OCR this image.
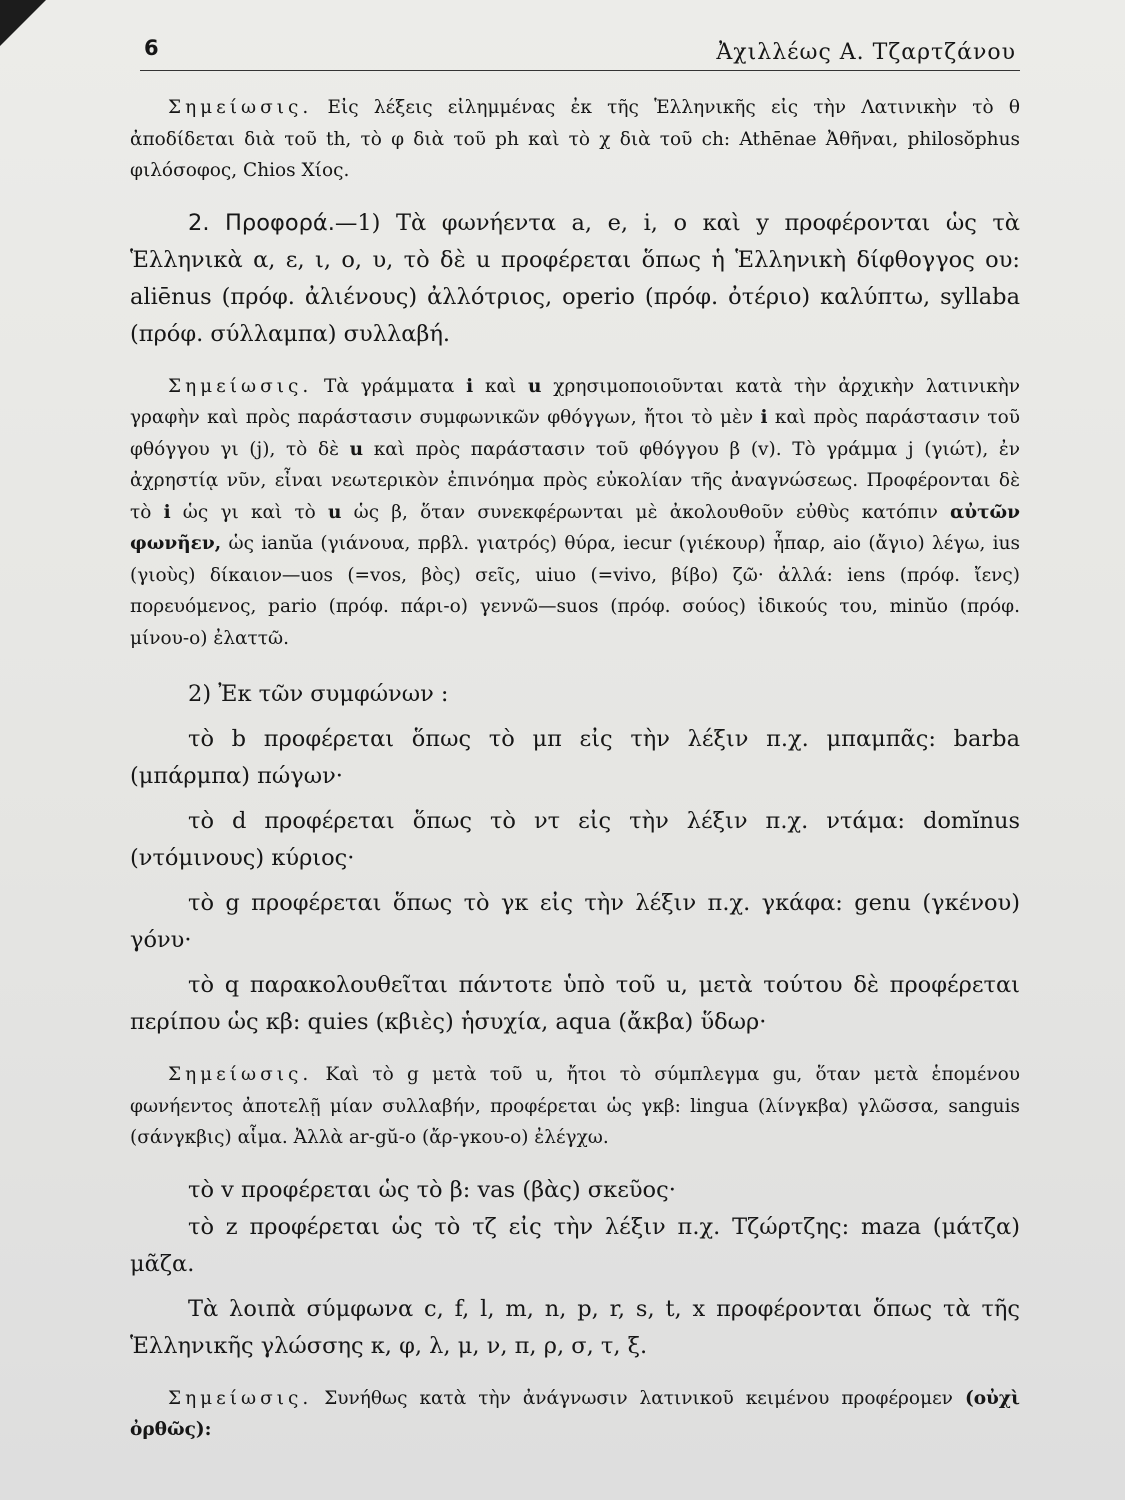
6	Ἀχιλλέως Α. Τζαρτζάνου

Σημείωσις. Εἰς λέξεις εἰλημμένας ἐκ τῆς Ἑλληνικῆς εἰς τὴν Λατινικὴν τὸ θ ἀποδίδεται διὰ τοῦ th, τὸ φ διὰ τοῦ ph καὶ τὸ χ διὰ τοῦ ch: Athēnae Ἀθῆναι, philosŏphus φιλόσοφος, Chios Χίος.

2. Προφορά.—1) Τὰ φωνήεντα a, e, i, o καὶ y προφέρονται ὡς τὰ Ἑλληνικὰ α, ε, ι, ο, υ, τὸ δὲ u προφέρεται ὅπως ἡ Ἑλληνικὴ δίφθογγος ου: aliēnus (πρόφ. ἀλιένους) ἀλλότριος, operio (πρόφ. ὀτέριο) καλύπτω, syllaba (πρόφ. σύλλαμπα) συλλαβή.

Σημείωσις. Τὰ γράμματα i καὶ u χρησιμοποιοῦνται κατὰ τὴν ἀρχικὴν λατινικὴν γραφὴν καὶ πρὸς παράστασιν συμφωνικῶν φθόγγων, ἤτοι τὸ μὲν i καὶ πρὸς παράστασιν τοῦ φθόγγου γι (j), τὸ δὲ u καὶ πρὸς παράστασιν τοῦ φθόγγου β (v). Τὸ γράμμα j (γιώτ), ἐν ἀχρηστίᾳ νῦν, εἶναι νεωτερικὸν ἐπινόημα πρὸς εὐκολίαν τῆς ἀναγνώσεως. Προφέρονται δὲ τὸ i ὡς γι καὶ τὸ u ὡς β, ὅταν συνεκφέρωνται μὲ ἀκολουθοῦν εὐθὺς κατόπιν αὐτῶν φωνῆεν, ὡς ianŭa (γιάνουα, πρβλ. γιατρός) θύρα, iecur (γιέκουρ) ἧπαρ, aio (ἄγιο) λέγω, ius (γιοὺς) δίκαιον—uos (=vos, βὸς) σεῖς, uiuo (=vivo, βίβο) ζῶ· ἀλλά: iens (πρόφ. ἴενς) πορευόμενος, pario (πρόφ. πάρι-ο) γεννῶ—suos (πρόφ. σούος) ἰδικούς του, minŭo (πρόφ. μίνου-ο) ἐλαττῶ.

2) Ἐκ τῶν συμφώνων :

τὸ b προφέρεται ὅπως τὸ μπ εἰς τὴν λέξιν π.χ. μπαμπᾶς: barba (μπάρμπα) πώγων·

τὸ d προφέρεται ὅπως τὸ ντ εἰς τὴν λέξιν π.χ. ντάμα: domĭnus (ντόμινους) κύριος·

τὸ g προφέρεται ὅπως τὸ γκ εἰς τὴν λέξιν π.χ. γκάφα: genu (γκένου) γόνυ·

τὸ q παρακολουθεῖται πάντοτε ὑπὸ τοῦ u, μετὰ τούτου δὲ προφέρεται περίπου ὡς κβ: quies (κβιὲς) ἡσυχία, aqua (ἄκβα) ὕδωρ·

Σημείωσις. Καὶ τὸ g μετὰ τοῦ u, ἤτοι τὸ σύμπλεγμα gu, ὅταν μετὰ ἑπομένου φωνήεντος ἀποτελῇ μίαν συλλαβήν, προφέρεται ὡς γκβ: lingua (λίνγκβα) γλῶσσα, sanguis (σάνγκβις) αἷμα. Ἀλλὰ ar-gŭ-o (ἄρ-γκου-ο) ἐλέγχω.

τὸ v προφέρεται ὡς τὸ β: vas (βὰς) σκεῦος·

τὸ z προφέρεται ὡς τὸ τζ εἰς τὴν λέξιν π.χ. Τζώρτζης: maza (μάτζα) μᾶζα.

Τὰ λοιπὰ σύμφωνα c, f, l, m, n, p, r, s, t, x προφέρονται ὅπως τὰ τῆς Ἑλληνικῆς γλώσσης κ, φ, λ, μ, ν, π, ρ, σ, τ, ξ.

Σημείωσις. Συνήθως κατὰ τὴν ἀνάγνωσιν λατινικοῦ κειμένου προφέρομεν (οὐχὶ ὀρθῶς):
